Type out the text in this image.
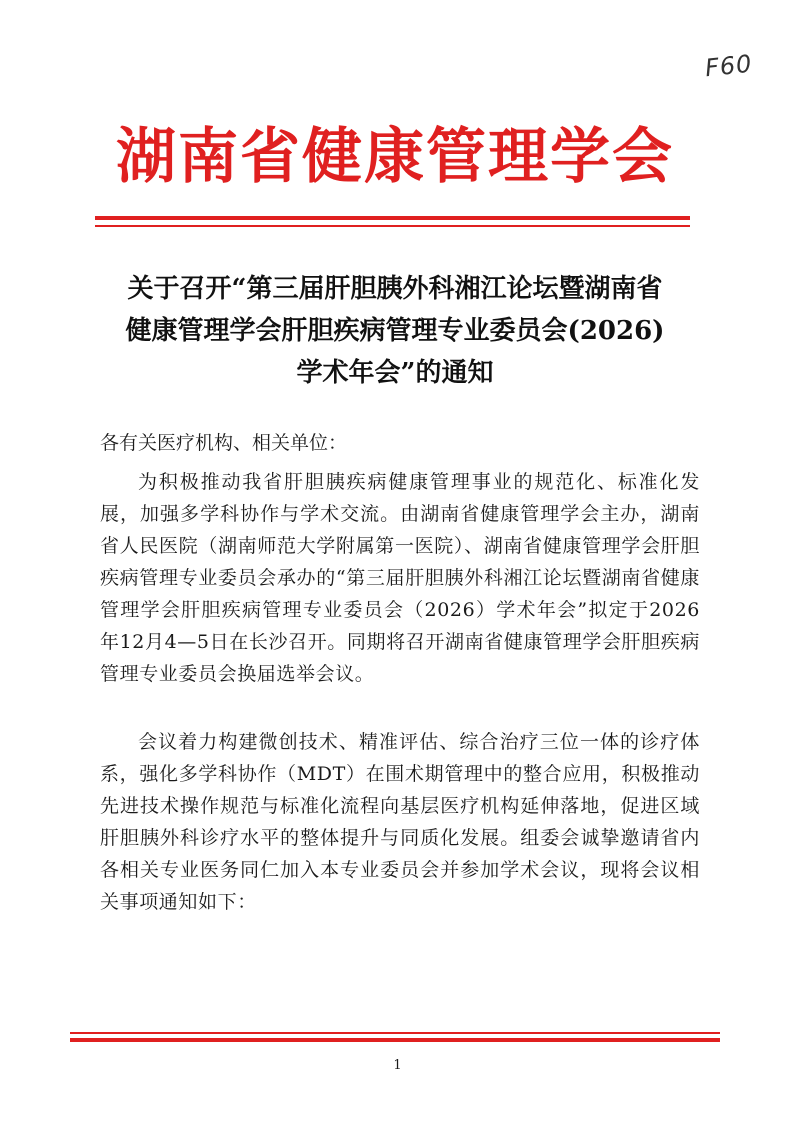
F60
湖南省健康管理学会
关于召开“第三届肝胆胰外科湘江论坛暨湖南省
健康管理学会肝胆疾病管理专业委员会(2026)
学术年会”的通知
各有关医疗机构、相关单位：
为积极推动我省肝胆胰疾病健康管理事业的规范化、标准化发展，加强多学科协作与学术交流。由湖南省健康管理学会主办，湖南省人民医院（湖南师范大学附属第一医院）、湖南省健康管理学会肝胆疾病管理专业委员会承办的“第三届肝胆胰外科湘江论坛暨湖南省健康管理学会肝胆疾病管理专业委员会（2026）学术年会”拟定于2026年12月4—5日在长沙召开。同期将召开湖南省健康管理学会肝胆疾病管理专业委员会换届选举会议。
会议着力构建微创技术、精准评估、综合治疗三位一体的诊疗体系，强化多学科协作（MDT）在围术期管理中的整合应用，积极推动先进技术操作规范与标准化流程向基层医疗机构延伸落地，促进区域肝胆胰外科诊疗水平的整体提升与同质化发展。组委会诚挚邀请省内各相关专业医务同仁加入本专业委员会并参加学术会议，现将会议相关事项通知如下：
1
